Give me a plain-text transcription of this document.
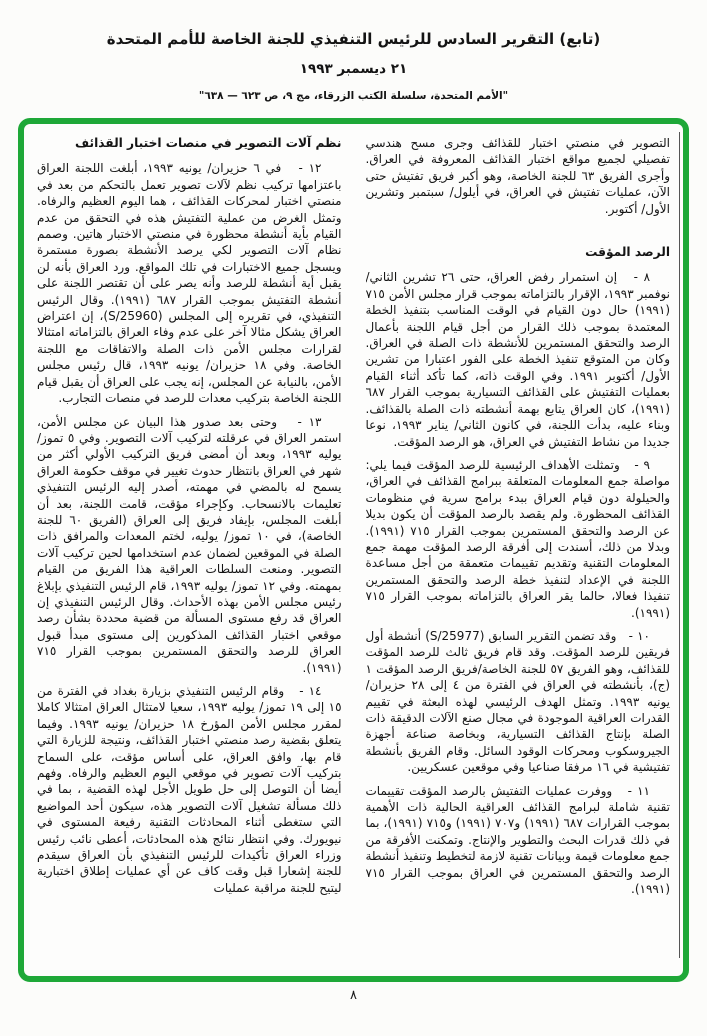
(تابع) التقرير السادس للرئيس التنفيذي للجنة الخاصة للأمم المتحدة
٢١ ديسمبر ١٩٩٣
"الأمم المتحدة، سلسلة الكتب الزرقاء، مج ٩، ص ٦٢٣ — ٦٣٨"

التصوير في منصتي اختبار للقذائف وجرى مسح هندسي تفصيلي لجميع مواقع اختبار القذائف المعروفة في العراق. وأجرى الفريق ٦٣ للجنة الخاصة، وهو أكبر فريق تفتيش حتى الآن، عمليات تفتيش في العراق، في أيلول/ سبتمبر وتشرين الأول/ أكتوبر.

الرصد المؤقت

٨ -   إن استمرار رفض العراق، حتى ٢٦ تشرين الثاني/ نوفمبر ١٩٩٣، الإقرار بالتزاماته بموجب قرار مجلس الأمن ٧١٥ (١٩٩١) حال دون القيام في الوقت المناسب بتنفيذ الخطة المعتمدة بموجب ذلك القرار من أجل قيام اللجنة بأعمال الرصد والتحقق المستمرين للأنشطة ذات الصلة في العراق. وكان من المتوقع تنفيذ الخطة على الفور اعتبارا من تشرين الأول/ أكتوبر ١٩٩١. وفي الوقت ذاته، كما تأكد أثناء القيام بعمليات التفتيش على القذائف التسيارية بموجب القرار ٦٨٧ (١٩٩١)، كان العراق يتابع بهمة أنشطته ذات الصلة بالقذائف. وبناء عليه، بدأت اللجنة، في كانون الثاني/ يناير ١٩٩٣، نوعا جديدا من نشاط التفتيش في العراق، هو الرصد المؤقت.

٩ -   وتمثلت الأهداف الرئيسية للرصد المؤقت فيما يلي: مواصلة جمع المعلومات المتعلقة ببرامج القذائف في العراق، والحيلولة دون قيام العراق ببدء برامج سرية في منظومات القذائف المحظورة. ولم يقصد بالرصد المؤقت أن يكون بديلا عن الرصد والتحقق المستمرين بموجب القرار ٧١٥ (١٩٩١). وبدلا من ذلك، أسندت إلى أفرقة الرصد المؤقت مهمة جمع المعلومات التقنية وتقديم تقييمات متعمقة من أجل مساعدة اللجنة في الإعداد لتنفيذ خطة الرصد والتحقق المستمرين تنفيذا فعالا، حالما يقر العراق بالتزاماته بموجب القرار ٧١٥ (١٩٩١).

١٠ -   وقد تضمن التقرير السابق (S/25977) أنشطة أول فريقين للرصد المؤقت. وقد قام فريق ثالث للرصد المؤقت للقذائف، وهو الفريق ٥٧ للجنة الخاصة/فريق الرصد المؤقت ١ (ج)، بأنشطته في العراق في الفترة من ٤ إلى ٢٨ حزيران/ يونيه ١٩٩٣. وتمثل الهدف الرئيسي لهذه البعثة في تقييم القدرات العراقية الموجودة في مجال صنع الآلات الدقيقة ذات الصلة بإنتاج القذائف التسيارية، وبخاصة صناعة أجهزة الجيروسكوب ومحركات الوقود السائل. وقام الفريق بأنشطة تفتيشية في ١٦ مرفقا صناعيا وفي موقعين عسكريين.

١١ -   ووفرت عمليات التفتيش بالرصد المؤقت تقييمات تقنية شاملة لبرامج القذائف العراقية الحالية ذات الأهمية بموجب القرارات ٦٨٧ (١٩٩١) و٧٠٧ (١٩٩١) و٧١٥ (١٩٩١)، بما في ذلك قدرات البحث والتطوير والإنتاج. وتمكنت الأفرقة من جمع معلومات قيمة وبيانات تقنية لازمة لتخطيط وتنفيذ أنشطة الرصد والتحقق المستمرين في العراق بموجب القرار ٧١٥ (١٩٩١).

نظم آلات التصوير في منصات اختبار القذائف

١٢ -   في ٦ حزيران/ يونيه ١٩٩٣، أبلغت اللجنة العراق باعتزامها تركيب نظم لآلات تصوير تعمل بالتحكم من بعد في منصتي اختبار لمحركات القذائف ، هما اليوم العظيم والرفاه. وتمثل الغرض من عملية التفتيش هذه في التحقق من عدم القيام بأية أنشطة محظورة في منصتي الاختبار هاتين. وصمم نظام آلات التصوير لكي يرصد الأنشطة بصورة مستمرة ويسجل جميع الاختبارات في تلك المواقع. ورد العراق بأنه لن يقبل أية أنشطة للرصد وأنه يصر على أن تقتصر اللجنة على أنشطة التفتيش بموجب القرار ٦٨٧ (١٩٩١). وقال الرئيس التنفيذي، في تقريره إلى المجلس (S/25960)، إن اعتراض العراق يشكل مثالا آخر على عدم وفاء العراق بالتزاماته امتثالا لقرارات مجلس الأمن ذات الصلة والاتفاقات مع اللجنة الخاصة. وفي ١٨ حزيران/ يونيه ١٩٩٣، قال رئيس مجلس الأمن، بالنيابة عن المجلس، إنه يجب على العراق أن يقبل قيام اللجنة الخاصة بتركيب معدات للرصد في منصات التجارب.

١٣ -   وحتى بعد صدور هذا البيان عن مجلس الأمن، استمر العراق في عرقلته لتركيب آلات التصوير. وفي ٥ تموز/ يوليه ١٩٩٣، وبعد أن أمضى فريق التركيب الأولي أكثر من شهر في العراق بانتظار حدوث تغيير في موقف حكومة العراق يسمح له بالمضي في مهمته، أصدر إليه الرئيس التنفيذي تعليمات بالانسحاب. وكإجراء مؤقت، قامت اللجنة، بعد أن أبلغت المجلس، بإيفاد فريق إلى العراق (الفريق ٦٠ للجنة الخاصة)، في ١٠ تموز/ يوليه، لختم المعدات والمرافق ذات الصلة في الموقعين لضمان عدم استخدامها لحين تركيب آلات التصوير. ومنعت السلطات العراقية هذا الفريق من القيام بمهمته. وفي ١٢ تموز/ يوليه ١٩٩٣، قام الرئيس التنفيذي بإبلاغ رئيس مجلس الأمن بهذه الأحداث. وقال الرئيس التنفيذي إن العراق قد رفع مستوى المسألة من قضية محددة بشأن رصد موقعي اختبار القذائف المذكورين إلى مستوى مبدأ قبول العراق للرصد والتحقق المستمرين بموجب القرار ٧١٥ (١٩٩١).

١٤ -   وقام الرئيس التنفيذي بزيارة بغداد في الفترة من ١٥ إلى ١٩ تموز/ يوليه ١٩٩٣، سعيا لامتثال العراق امتثالا كاملا لمقرر مجلس الأمن المؤرخ ١٨ حزيران/ يونيه ١٩٩٣. وفيما يتعلق بقضية رصد منصتي اختبار القذائف، ونتيجة للزيارة التي قام بها، وافق العراق، على أساس مؤقت، على السماح بتركيب آلات تصوير في موقعي اليوم العظيم والرفاه. وفهم أيضا أن التوصل إلى حل طويل الأجل لهذه القضية ، بما في ذلك مسألة تشغيل آلات التصوير هذه، سيكون أحد المواضيع التي ستغطى أثناء المحادثات التقنية رفيعة المستوى في نيويورك. وفي انتظار نتائج هذه المحادثات، أعطى نائب رئيس وزراء العراق تأكيدات للرئيس التنفيذي بأن العراق سيقدم للجنة إشعارا قبل وقت كاف عن أي عمليات إطلاق اختبارية ليتيح للجنة مراقبة عمليات

٨
